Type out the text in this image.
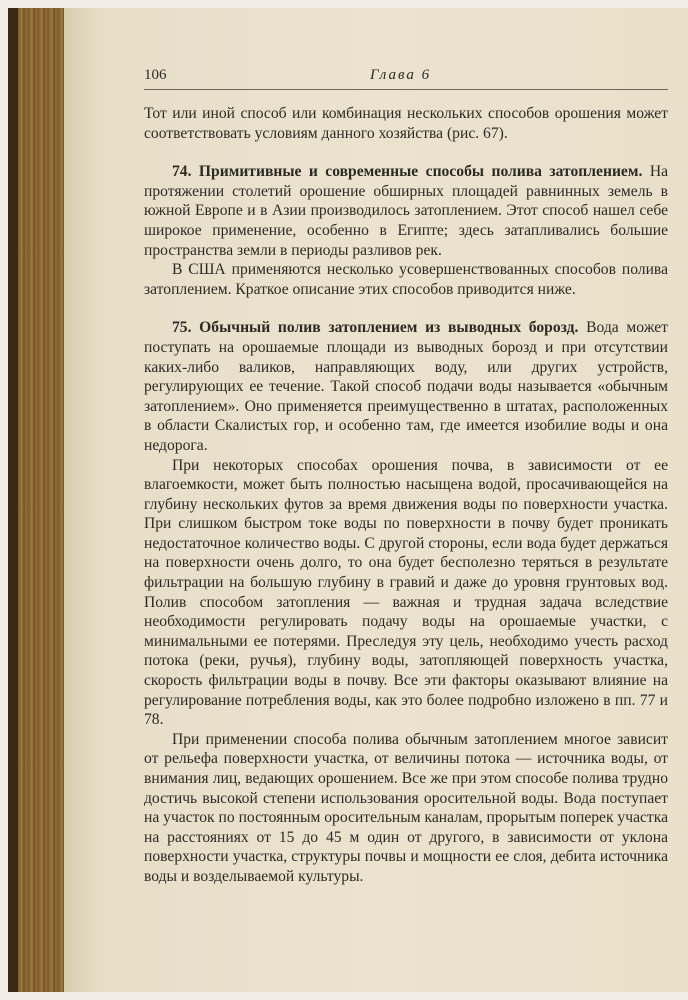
106	Глава 6

Тот или иной способ или комбинация нескольких способов орошения может соответствовать условиям данного хозяйства (рис. 67).

74. Примитивные и современные способы полива затоплением. На протяжении столетий орошение обширных площадей равнинных земель в южной Европе и в Азии производилось затоплением. Этот способ нашел себе широкое применение, особенно в Египте; здесь затапливались большие пространства земли в периоды разливов рек.

В США применяются несколько усовершенствованных способов полива затоплением. Краткое описание этих способов приводится ниже.

75. Обычный полив затоплением из выводных борозд. Вода может поступать на орошаемые площади из выводных борозд и при отсутствии каких-либо валиков, направляющих воду, или других устройств, регулирующих ее течение. Такой способ подачи воды называется «обычным затоплением». Оно применяется преимущественно в штатах, расположенных в области Скалистых гор, и особенно там, где имеется изобилие воды и она недорога.

При некоторых способах орошения почва, в зависимости от ее влагоемкости, может быть полностью насыщена водой, просачивающейся на глубину нескольких футов за время движения воды по поверхности участка. При слишком быстром токе воды по поверхности в почву будет проникать недостаточное количество воды. С другой стороны, если вода будет держаться на поверхности очень долго, то она будет бесполезно теряться в результате фильтрации на большую глубину в гравий и даже до уровня грунтовых вод. Полив способом затопления — важная и трудная задача вследствие необходимости регулировать подачу воды на орошаемые участки, с минимальными ее потерями. Преследуя эту цель, необходимо учесть расход потока (реки, ручья), глубину воды, затопляющей поверхность участка, скорость фильтрации воды в почву. Все эти факторы оказывают влияние на регулирование потребления воды, как это более подробно изложено в пп. 77 и 78.

При применении способа полива обычным затоплением многое зависит от рельефа поверхности участка, от величины потока — источника воды, от внимания лиц, ведающих орошением. Все же при этом способе полива трудно достичь высокой степени использования оросительной воды. Вода поступает на участок по постоянным оросительным каналам, прорытым поперек участка на расстояниях от 15 до 45 м один от другого, в зависимости от уклона поверхности участка, структуры почвы и мощности ее слоя, дебита источника воды и возделываемой культуры.
